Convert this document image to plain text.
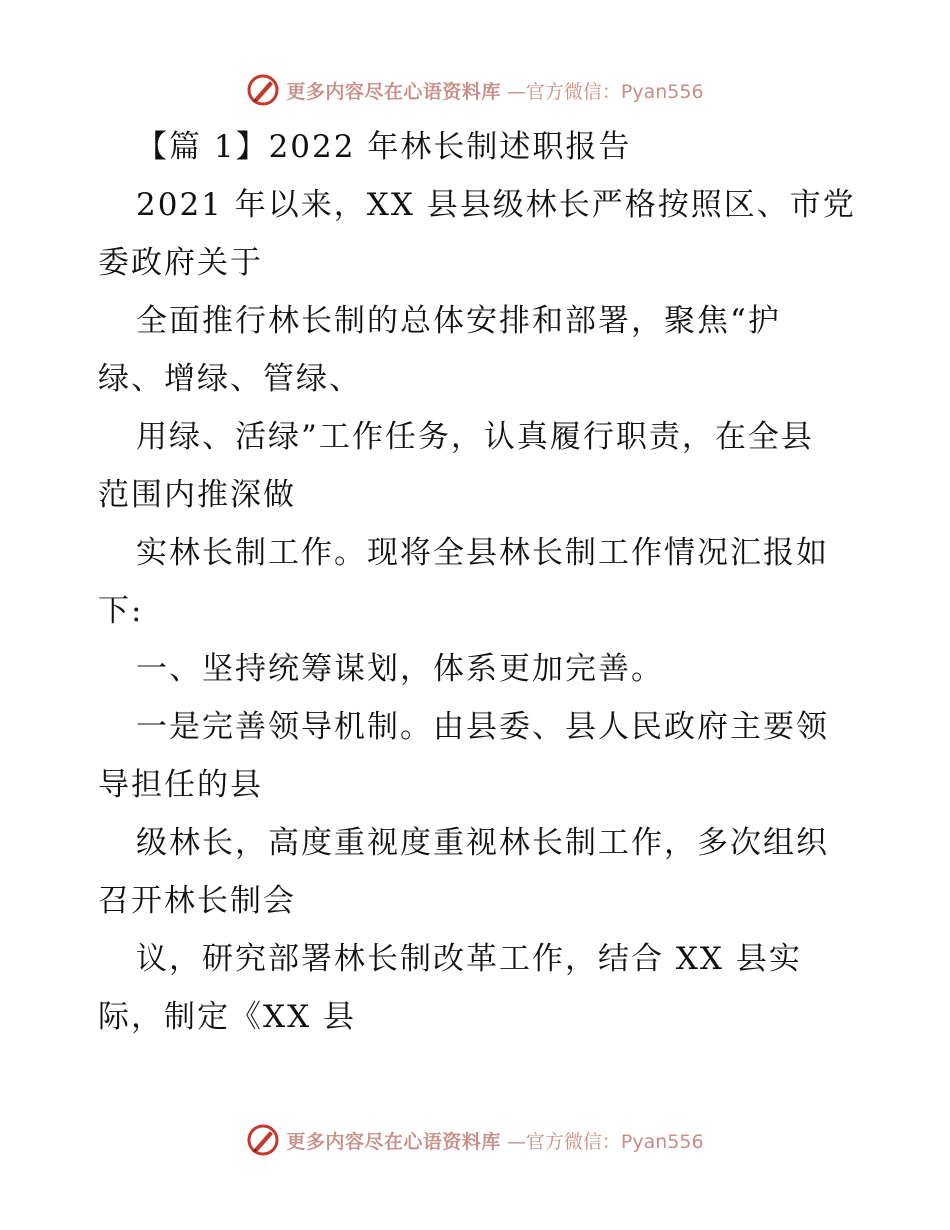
更多内容尽在心语资料库 —官方微信：Pyan556
【篇 1】2022 年林长制述职报告
2021 年以来，XX 县县级林长严格按照区、市党
委政府关于
全面推行林长制的总体安排和部署，聚焦“护
绿、增绿、管绿、
用绿、活绿”工作任务，认真履行职责，在全县
范围内推深做
实林长制工作。现将全县林长制工作情况汇报如
下:
一、坚持统筹谋划，体系更加完善。
一是完善领导机制。由县委、县人民政府主要领
导担任的县
级林长，高度重视度重视林长制工作，多次组织
召开林长制会
议，研究部署林长制改革工作，结合 XX 县实
际，制定《XX 县
更多内容尽在心语资料库 —官方微信：Pyan556
